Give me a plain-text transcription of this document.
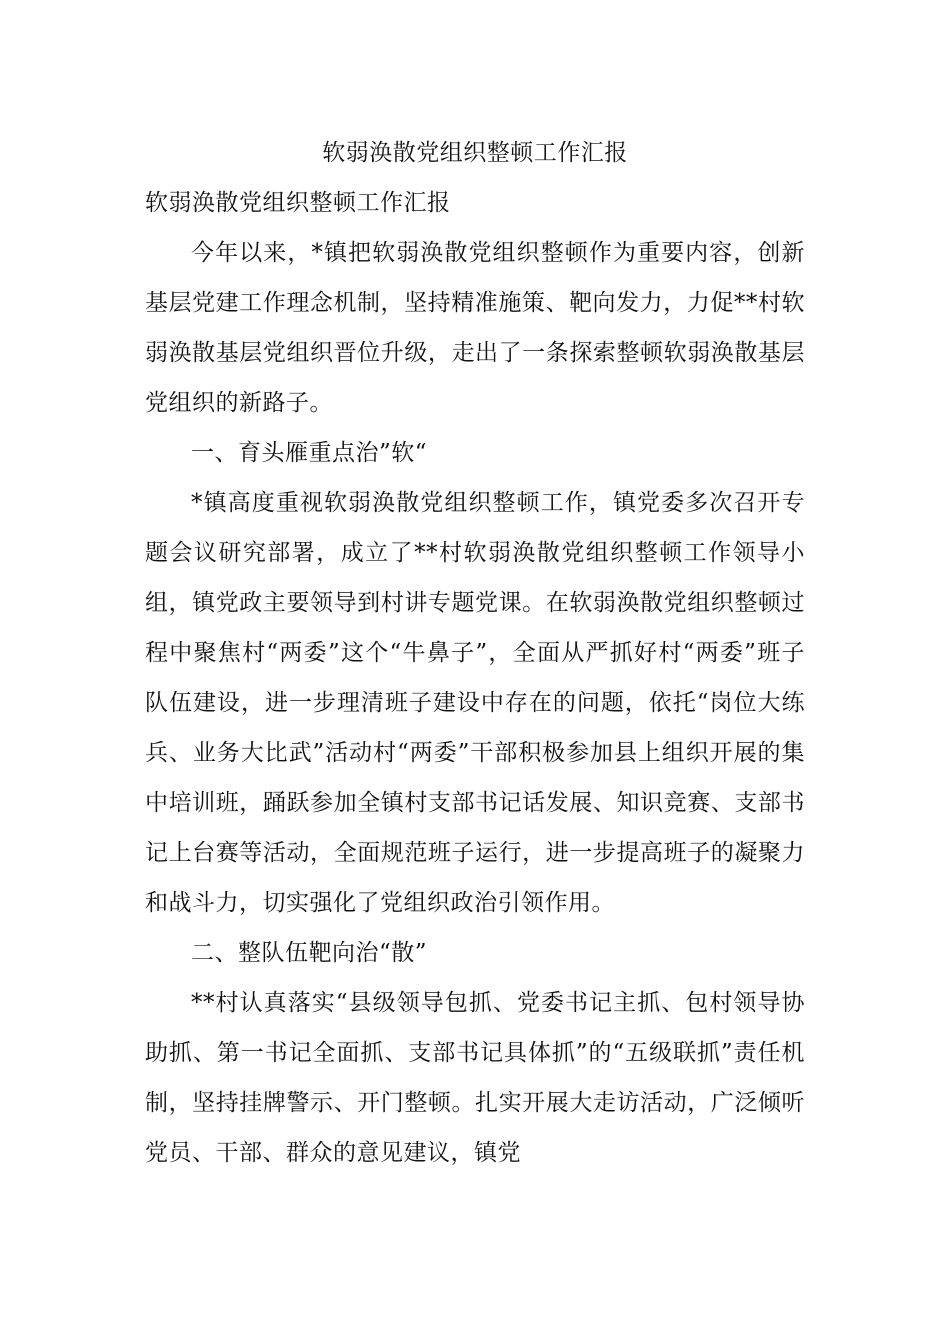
软弱涣散党组织整顿工作汇报

软弱涣散党组织整顿工作汇报

今年以来，*镇把软弱涣散党组织整顿作为重要内容，创新基层党建工作理念机制，坚持精准施策、靶向发力，力促**村软弱涣散基层党组织晋位升级，走出了一条探索整顿软弱涣散基层党组织的新路子。

一、育头雁重点治”软“

*镇高度重视软弱涣散党组织整顿工作，镇党委多次召开专题会议研究部署，成立了**村软弱涣散党组织整顿工作领导小组，镇党政主要领导到村讲专题党课。在软弱涣散党组织整顿过程中聚焦村“两委”这个“牛鼻子”，全面从严抓好村“两委”班子队伍建设，进一步理清班子建设中存在的问题，依托“岗位大练兵、业务大比武”活动村“两委”干部积极参加县上组织开展的集中培训班，踊跃参加全镇村支部书记话发展、知识竞赛、支部书记上台赛等活动，全面规范班子运行，进一步提高班子的凝聚力和战斗力，切实强化了党组织政治引领作用。

二、整队伍靶向治“散”

**村认真落实“县级领导包抓、党委书记主抓、包村领导协助抓、第一书记全面抓、支部书记具体抓”的“五级联抓”责任机制，坚持挂牌警示、开门整顿。扎实开展大走访活动，广泛倾听党员、干部、群众的意见建议，镇党
